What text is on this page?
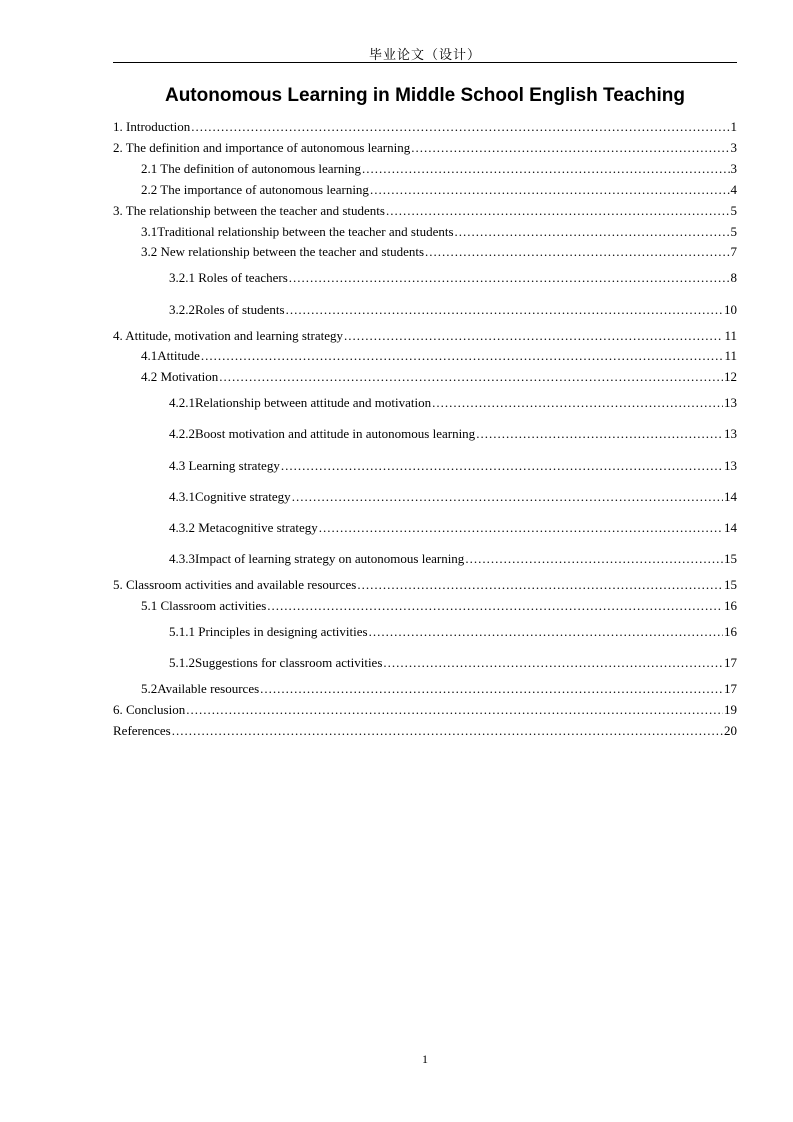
毕业论文（设计）
Autonomous Learning in Middle School English Teaching
1. Introduction .....	1
2. The definition and importance of autonomous learning .....	3
2.1 The definition of autonomous learning .....	3
2.2 The importance of autonomous learning .....	4
3. The relationship between the teacher and students .....	5
3.1Traditional relationship between the teacher and students .....	5
3.2 New relationship between the teacher and students .....	7
3.2.1 Roles of teachers .....	8
3.2.2Roles of students .....	10
4. Attitude, motivation and learning strategy .....	11
4.1Attitude .....	11
4.2 Motivation .....	12
4.2.1Relationship between attitude and motivation .....	13
4.2.2Boost motivation and attitude in autonomous learning .....	13
4.3 Learning strategy .....	13
4.3.1Cognitive strategy .....	14
4.3.2 Metacognitive strategy .....	14
4.3.3Impact of learning strategy on autonomous learning .....	15
5. Classroom activities and available resources .....	15
5.1 Classroom activities .....	16
5.1.1 Principles in designing activities .....	16
5.1.2Suggestions for classroom activities .....	17
5.2Available resources .....	17
6. Conclusion .....	19
References .....	20
1
